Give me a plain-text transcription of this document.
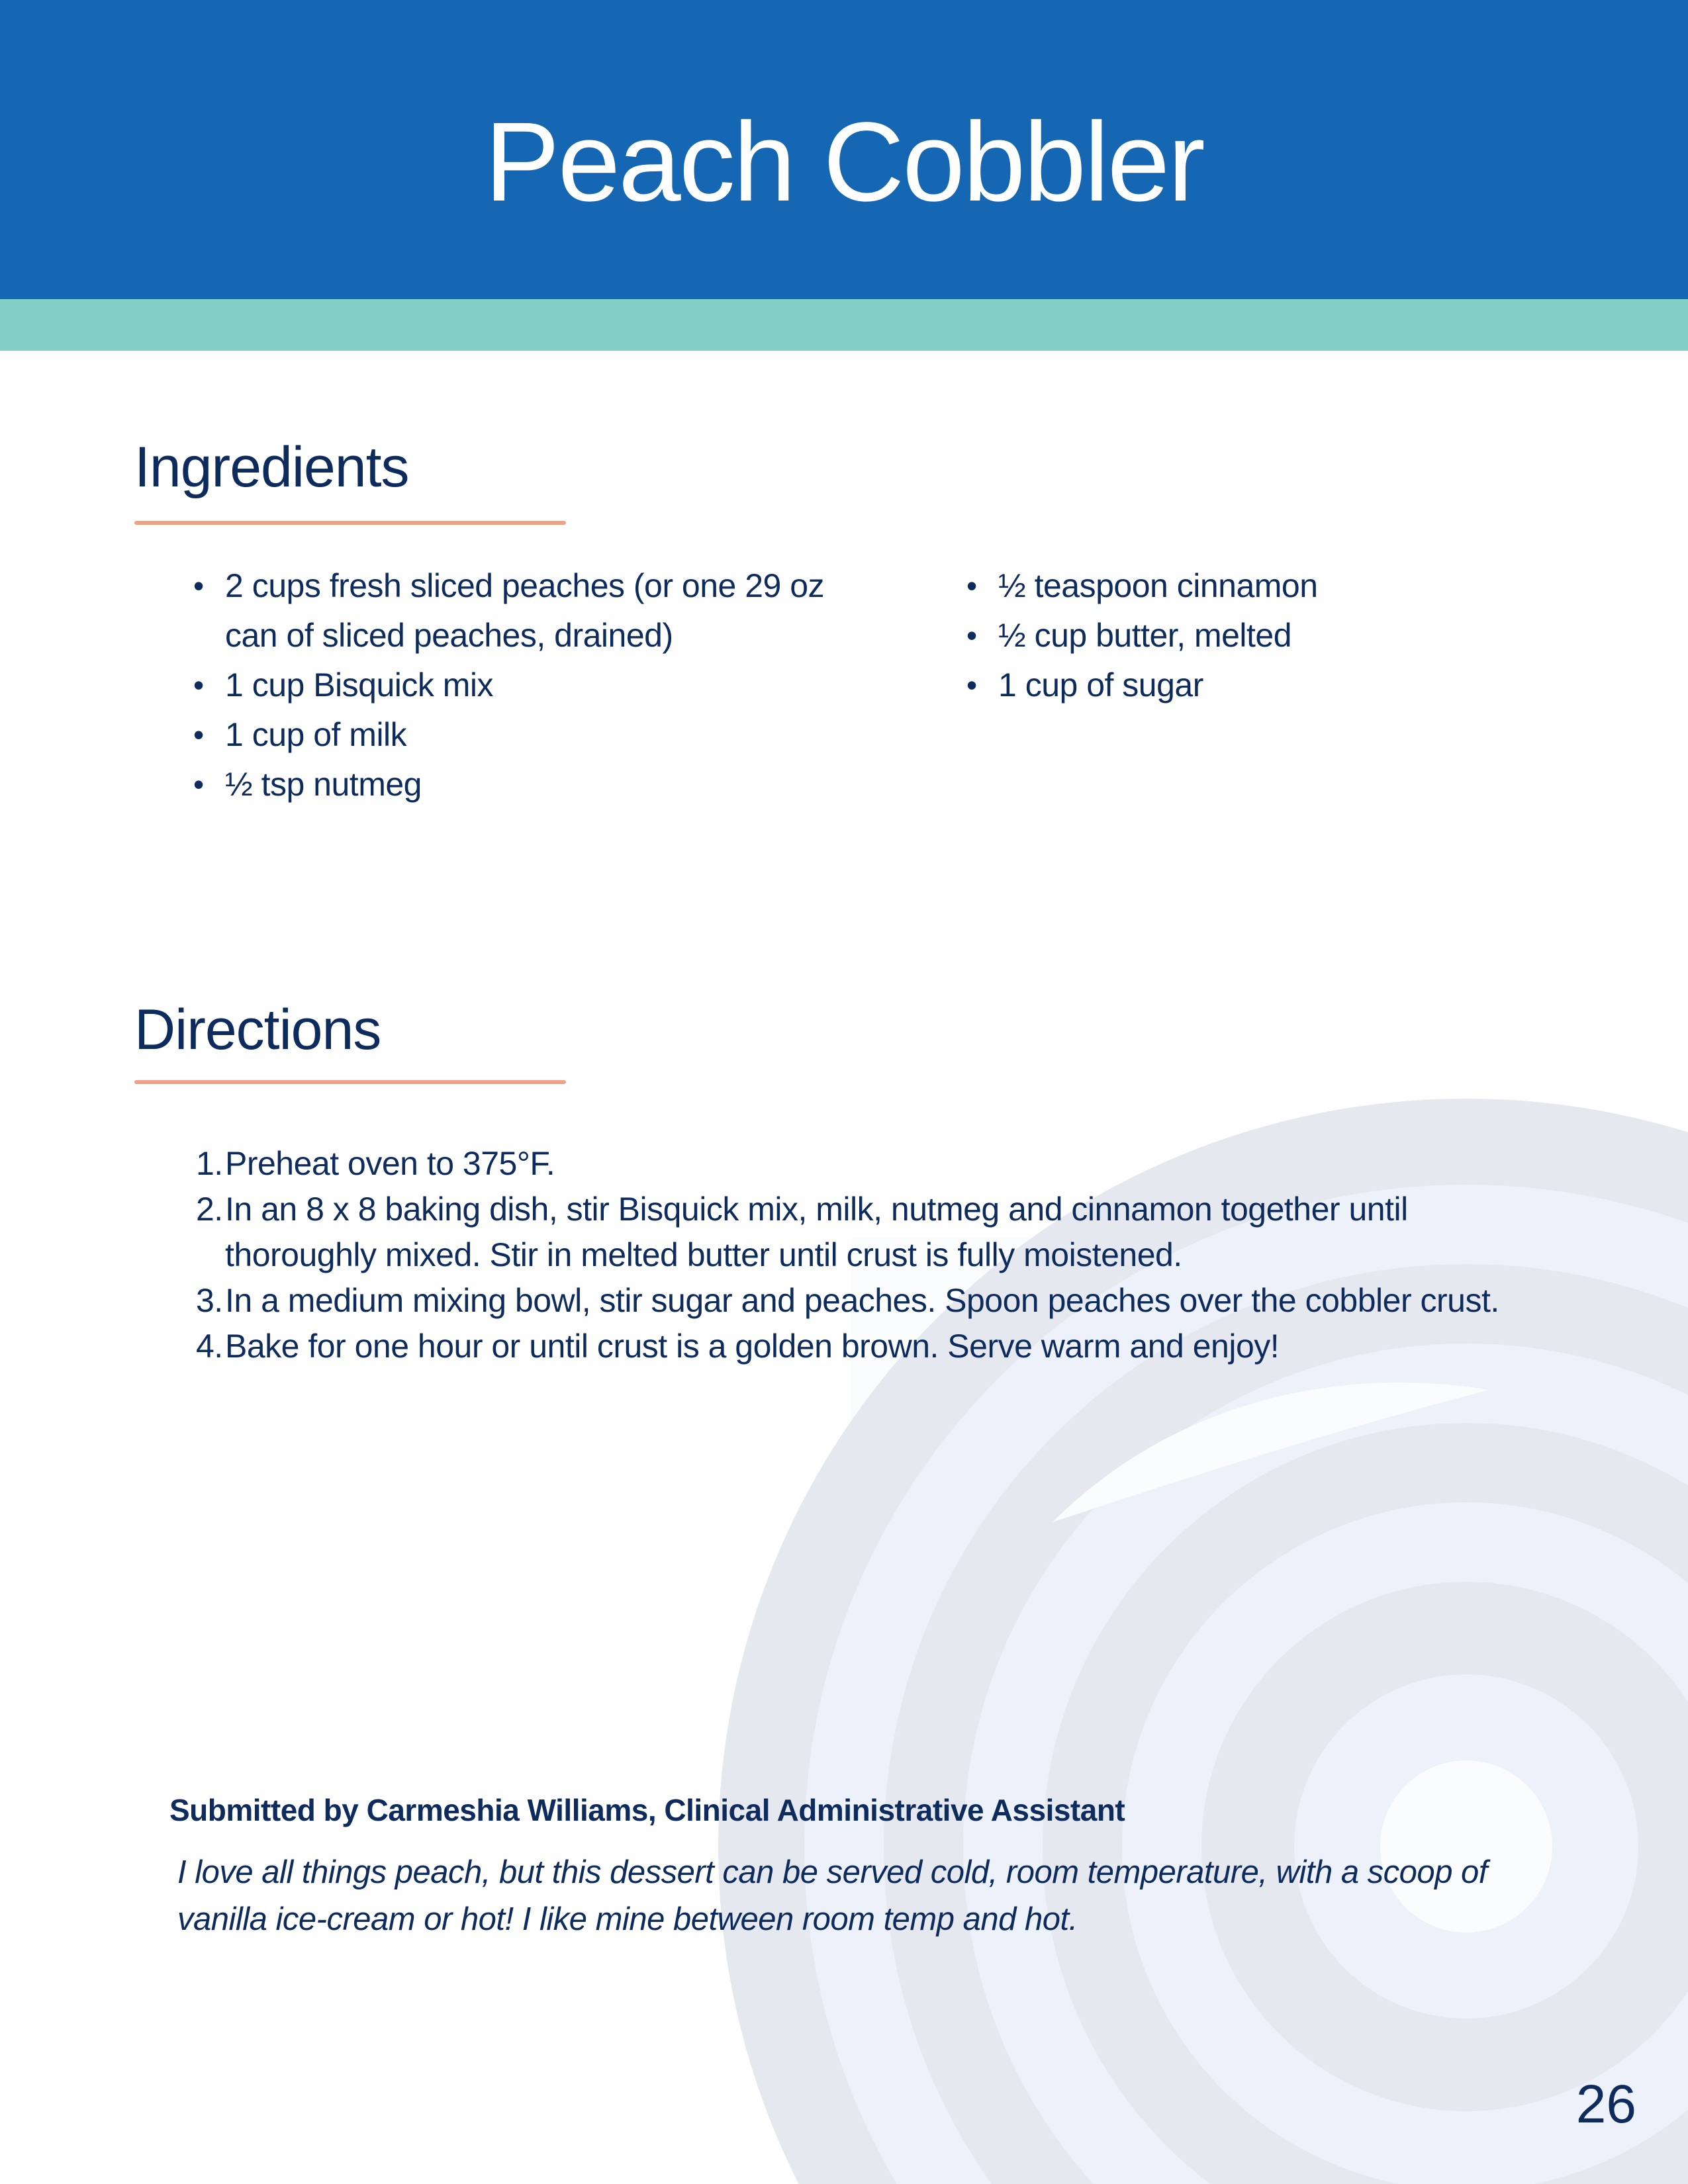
Peach Cobbler
Ingredients
• 2 cups fresh sliced peaches (or one 29 oz can of sliced peaches, drained)
• 1 cup Bisquick mix
• 1 cup of milk
• ½ tsp nutmeg
• ½ teaspoon cinnamon
• ½ cup butter, melted
• 1 cup of sugar
Directions
1. Preheat oven to 375°F.
2. In an 8 x 8 baking dish, stir Bisquick mix, milk, nutmeg and cinnamon together until thoroughly mixed. Stir in melted butter until crust is fully moistened.
3. In a medium mixing bowl, stir sugar and peaches. Spoon peaches over the cobbler crust.
4. Bake for one hour or until crust is a golden brown. Serve warm and enjoy!

Submitted by Carmeshia Williams, Clinical Administrative Assistant

I love all things peach, but this dessert can be served cold, room temperature, with a scoop of vanilla ice-cream or hot! I like mine between room temp and hot.

26
